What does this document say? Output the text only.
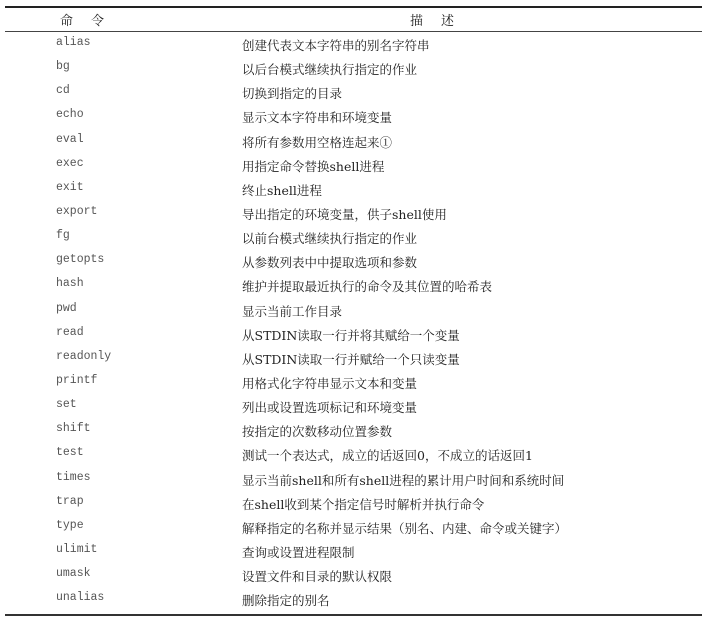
命令	描述
alias	创建代表文本字符串的别名字符串
bg	以后台模式继续执行指定的作业
cd	切换到指定的目录
echo	显示文本字符串和环境变量
eval	将所有参数用空格连起来①
exec	用指定命令替换shell进程
exit	终止shell进程
export	导出指定的环境变量，供子shell使用
fg	以前台模式继续执行指定的作业
getopts	从参数列表中中提取选项和参数
hash	维护并提取最近执行的命令及其位置的哈希表
pwd	显示当前工作目录
read	从STDIN读取一行并将其赋给一个变量
readonly	从STDIN读取一行并赋给一个只读变量
printf	用格式化字符串显示文本和变量
set	列出或设置选项标记和环境变量
shift	按指定的次数移动位置参数
test	测试一个表达式，成立的话返回0，不成立的话返回1
times	显示当前shell和所有shell进程的累计用户时间和系统时间
trap	在shell收到某个指定信号时解析并执行命令
type	解释指定的名称并显示结果（别名、内建、命令或关键字）
ulimit	查询或设置进程限制
umask	设置文件和目录的默认权限
unalias	删除指定的别名
